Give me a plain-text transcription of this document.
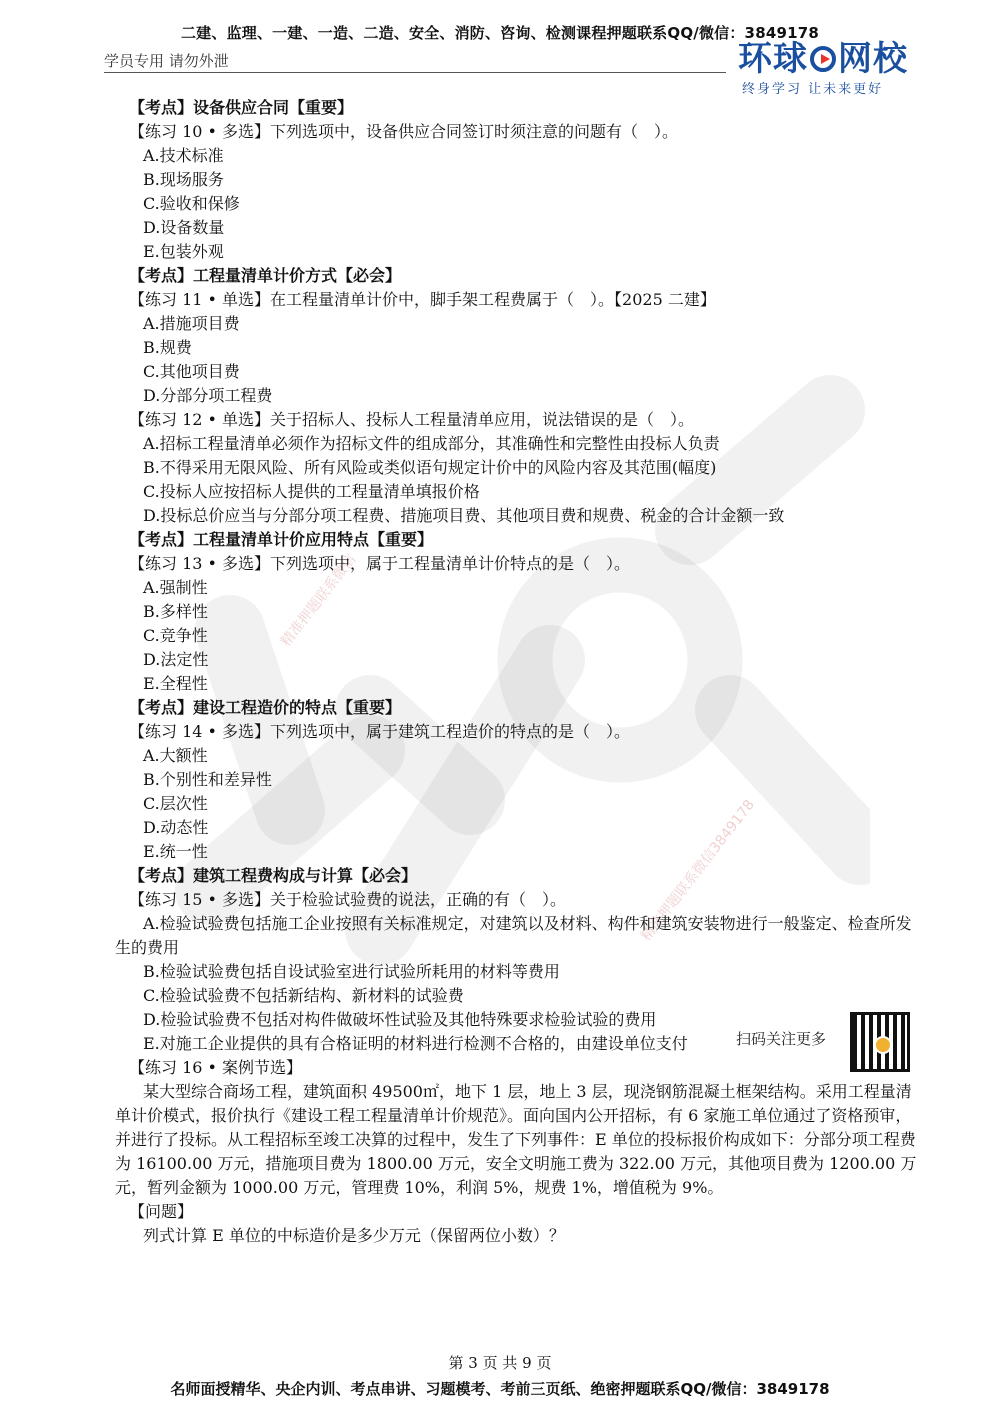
二建、监理、一建、一造、二造、安全、消防、咨询、检测课程押题联系QQ/微信：3849178
学员专用 请勿外泄	环球 网校
终身学习 让未来更好
精准押题联系微信
精准押题联系微信3849178
【考点】设备供应合同【重要】
【练习 10 • 多选】下列选项中，设备供应合同签订时须注意的问题有（　）。
A.技术标准
B.现场服务
C.验收和保修
D.设备数量
E.包装外观
【考点】工程量清单计价方式【必会】
【练习 11 • 单选】在工程量清单计价中，脚手架工程费属于（　）。【2025 二建】
A.措施项目费
B.规费
C.其他项目费
D.分部分项工程费
【练习 12 • 单选】关于招标人、投标人工程量清单应用，说法错误的是（　）。
A.招标工程量清单必须作为招标文件的组成部分，其准确性和完整性由投标人负责
B.不得采用无限风险、所有风险或类似语句规定计价中的风险内容及其范围(幅度)
C.投标人应按招标人提供的工程量清单填报价格
D.投标总价应当与分部分项工程费、措施项目费、其他项目费和规费、税金的合计金额一致
【考点】工程量清单计价应用特点【重要】
【练习 13 • 多选】下列选项中，属于工程量清单计价特点的是（　）。
A.强制性
B.多样性
C.竞争性
D.法定性
E.全程性
【考点】建设工程造价的特点【重要】
【练习 14 • 多选】下列选项中，属于建筑工程造价的特点的是（　）。
A.大额性
B.个别性和差异性
C.层次性
D.动态性
E.统一性
【考点】建筑工程费构成与计算【必会】
【练习 15 • 多选】关于检验试验费的说法，正确的有（　）。
A.检验试验费包括施工企业按照有关标准规定，对建筑以及材料、构件和建筑安装物进行一般鉴定、检查所发生的费用
B.检验试验费包括自设试验室进行试验所耗用的材料等费用
C.检验试验费不包括新结构、新材料的试验费
D.检验试验费不包括对构件做破坏性试验及其他特殊要求检验试验的费用
E.对施工企业提供的具有合格证明的材料进行检测不合格的，由建设单位支付
【练习 16 • 案例节选】
某大型综合商场工程，建筑面积 49500㎡，地下 1 层，地上 3 层，现浇钢筋混凝土框架结构。采用工程量清单计价模式，报价执行《建设工程工程量清单计价规范》。面向国内公开招标，有 6 家施工单位通过了资格预审，并进行了投标。从工程招标至竣工决算的过程中，发生了下列事件：E 单位的投标报价构成如下：分部分项工程费为 16100.00 万元，措施项目费为 1800.00 万元，安全文明施工费为 322.00 万元，其他项目费为 1200.00 万元，暂列金额为 1000.00 万元，管理费 10%，利润 5%，规费 1%，增值税为 9%。
【问题】
列式计算 E 单位的中标造价是多少万元（保留两位小数）？
扫码关注更多
第 3 页 共 9 页
名师面授精华、央企内训、考点串讲、习题模考、考前三页纸、绝密押题联系QQ/微信：3849178
